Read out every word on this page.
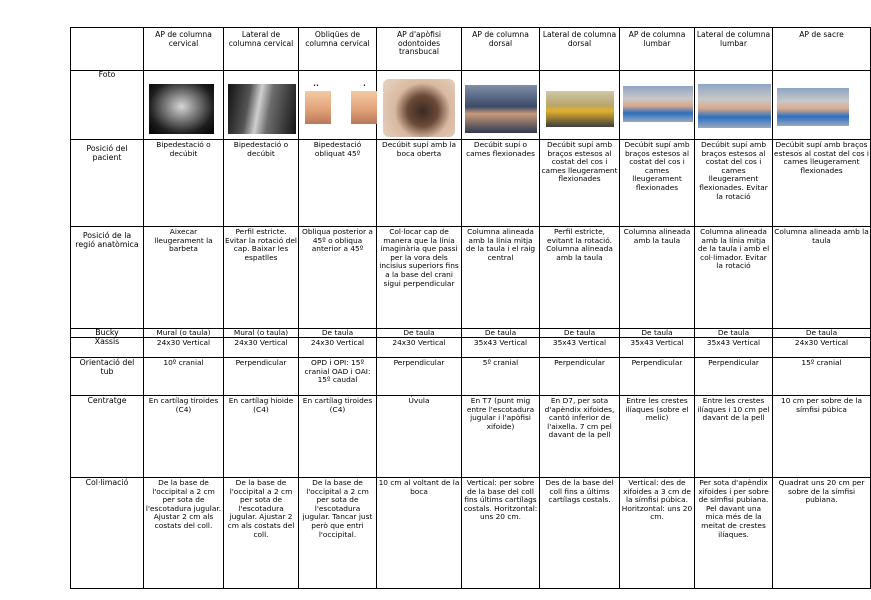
	AP de columna cervical	Lateral de columna cervical	Obliqües de columna cervical	AP d'apòfisi odontoides transbucal	AP de columna dorsal	Lateral de columna dorsal	AP de columna lumbar	Lateral de columna lumbar	AP de sacre
Foto			•• •						

Posició del pacient	Bipedestació o decúbit	Bipedestació o decúbit	Bipedestació obliquat 45º	Decúbit supí amb la boca oberta	Decúbit supí o cames flexionades	Decúbit supí amb braços estesos al costat del cos i cames lleugerament flexionades	Decúbit supí amb braços estesos al costat del cos i cames lleugerament flexionades	Decúbit supí amb braços estesos al costat del cos i cames lleugerament flexionades. Evitar la rotació	Decúbit supí amb braços estesos al costat del cos i cames lleugerament flexionades
Posició de la regió anatòmica	Aixecar lleugerament la barbeta	Perfil estricte. Evitar la rotació del cap. Baixar les espatlles	Obliqua posterior a 45º o obliqua anterior a 45º	Col·locar cap de manera que la línia imaginària que passi per la vora dels incisius superiors fins a la base del crani sigui perpendicular	Columna alineada amb la línia mitja de la taula i el raig central	Perfil estricte, evitant la rotació. Columna alineada amb la taula	Columna alineada amb la taula	Columna alineada amb la línia mitja de la taula i amb el col·limador. Evitar la rotació	Columna alineada amb la taula
Bucky	Mural (o taula)	Mural (o taula)	De taula	De taula	De taula	De taula	De taula	De taula	De taula
Xassis	24x30 Vertical	24x30 Vertical	24x30 Vertical	24x30 Vertical	35x43 Vertical	35x43 Vertical	35x43 Vertical	35x43 Vertical	24x30 Vertical
Orientació del tub	10º cranial	Perpendicular	OPD i OPI: 15º cranial OAD i OAI: 15º caudal	Perpendicular	5º cranial	Perpendicular	Perpendicular	Perpendicular	15º cranial
Centratge	En cartílag tiroides (C4)	En cartílag hioide (C4)	En cartílag tiroides (C4)	Úvula	En T7 (punt mig entre l'escotadura jugular i l'apòfisi xifoide)	En D7, per sota d'apèndix xifoides, cantó inferior de l'aixella. 7 cm pel davant de la pell	Entre les crestes ilíaques (sobre el melic)	Entre les crestes ilíaques i 10 cm pel davant de la pell	10 cm per sobre de la símfisi púbica
Col·limació	De la base de l'occipital a 2 cm per sota de l'escotadura jugular. Ajustar 2 cm als costats del coll.	De la base de l'occipital a 2 cm per sota de l'escotadura jugular. Ajustar 2 cm als costats del coll.	De la base de l'occipital a 2 cm per sota de l'escotadura jugular. Tancar just però que entri l'occipital.	10 cm al voltant de la boca	Vertical: per sobre de la base del coll fins últims cartílags costals. Horitzontal: uns 20 cm.	Des de la base del coll fins a últims cartílags costals.	Vertical: des de xifoides a 3 cm de la símfisi púbica. Horitzontal: uns 20 cm.	Per sota d'apèndix xifoides i per sobre de símfisi pubiana. Pel davant una mica més de la meitat de crestes ilíaques.	Quadrat uns 20 cm per sobre de la símfisi pubiana.
